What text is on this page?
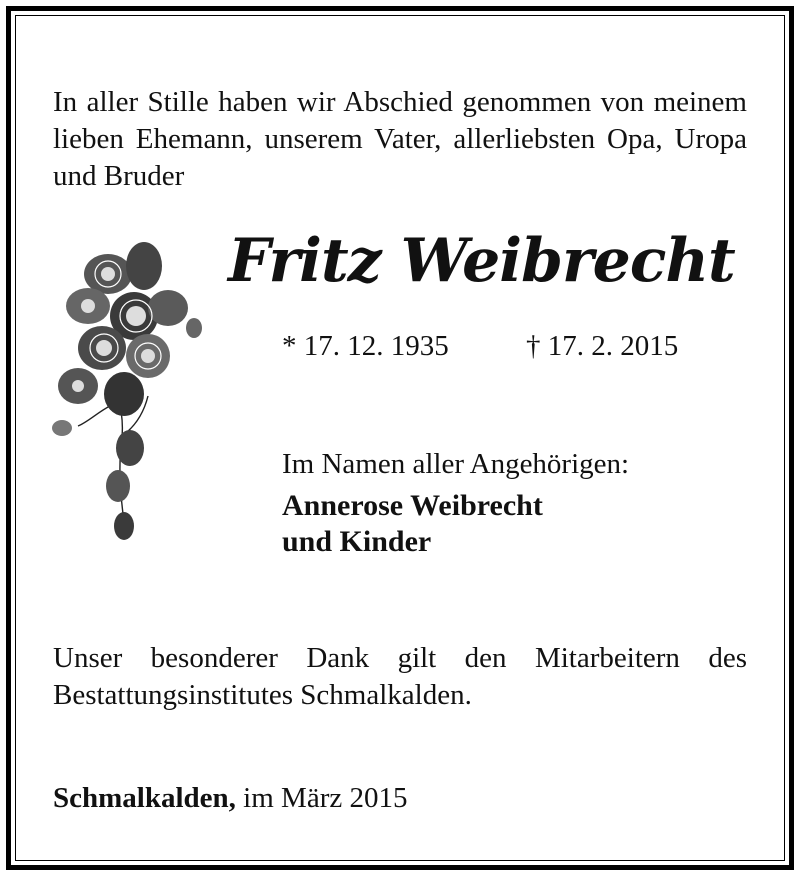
In aller Stille haben wir Abschied genommen von meinem lieben Ehemann, unserem Vater, allerliebsten Opa, Uropa und Bruder

Fritz Weibrecht
* 17. 12. 1935	† 17. 2. 2015
Im Namen aller Angehörigen:
Annerose Weibrecht
und Kinder

Unser besonderer Dank gilt den Mitarbeitern des Bestattungsinstitutes Schmalkalden.

Schmalkalden, im März 2015
